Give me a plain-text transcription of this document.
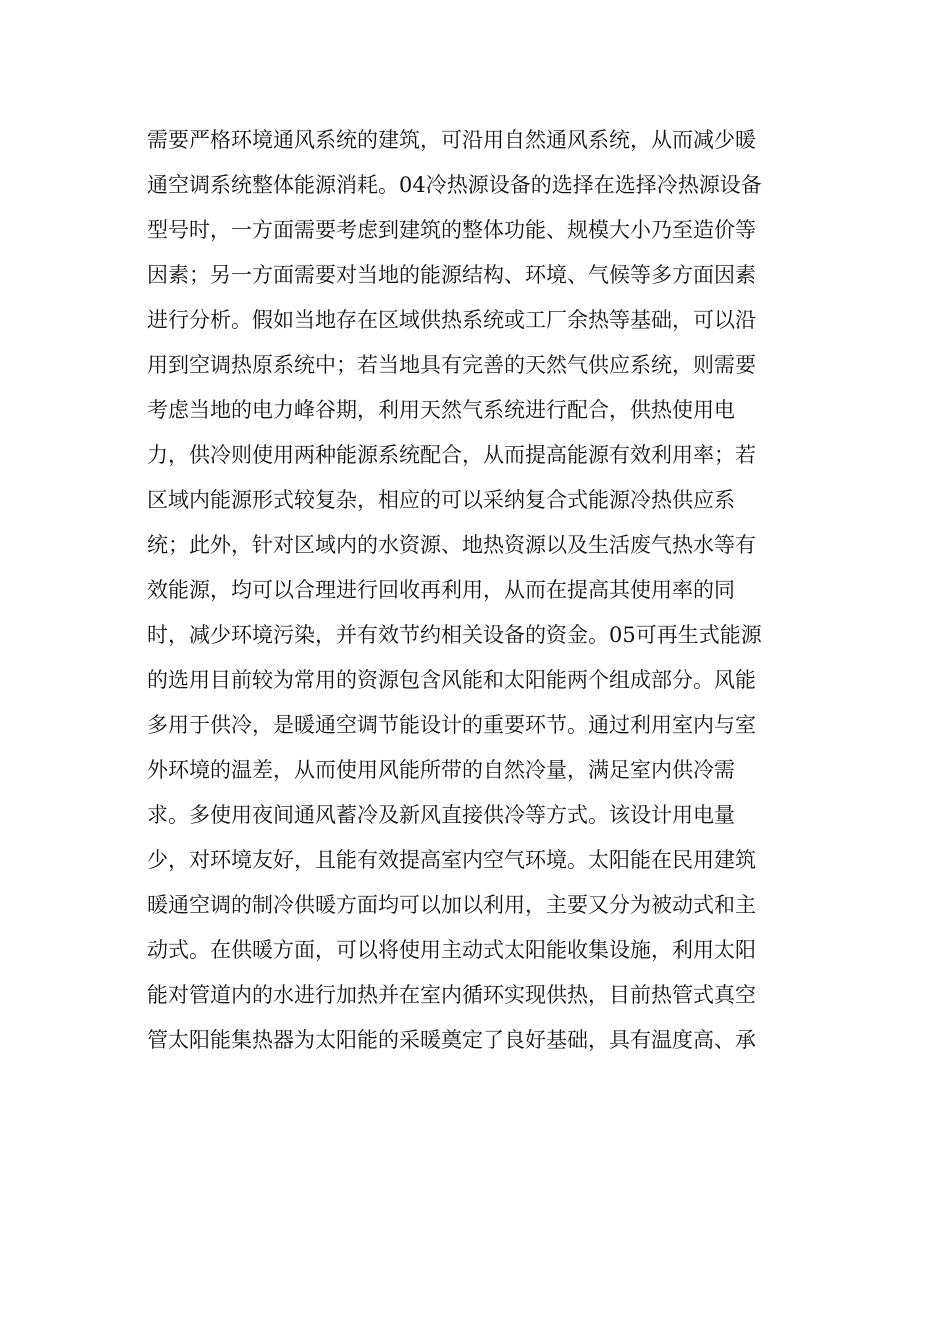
需要严格环境通风系统的建筑，可沿用自然通风系统，从而减少暖
通空调系统整体能源消耗。04冷热源设备的选择在选择冷热源设备
型号时，一方面需要考虑到建筑的整体功能、规模大小乃至造价等
因素；另一方面需要对当地的能源结构、环境、气候等多方面因素
进行分析。假如当地存在区域供热系统或工厂余热等基础，可以沿
用到空调热原系统中；若当地具有完善的天然气供应系统，则需要
考虑当地的电力峰谷期，利用天然气系统进行配合，供热使用电
力，供冷则使用两种能源系统配合，从而提高能源有效利用率；若
区域内能源形式较复杂，相应的可以采纳复合式能源冷热供应系
统；此外，针对区域内的水资源、地热资源以及生活废气热水等有
效能源，均可以合理进行回收再利用，从而在提高其使用率的同
时，减少环境污染，并有效节约相关设备的资金。05可再生式能源
的选用目前较为常用的资源包含风能和太阳能两个组成部分。风能
多用于供冷，是暖通空调节能设计的重要环节。通过利用室内与室
外环境的温差，从而使用风能所带的自然冷量，满足室内供冷需
求。多使用夜间通风蓄冷及新风直接供冷等方式。该设计用电量
少，对环境友好，且能有效提高室内空气环境。太阳能在民用建筑
暖通空调的制冷供暖方面均可以加以利用，主要又分为被动式和主
动式。在供暖方面，可以将使用主动式太阳能收集设施，利用太阳
能对管道内的水进行加热并在室内循环实现供热，目前热管式真空
管太阳能集热器为太阳能的采暖奠定了良好基础，具有温度高、承
